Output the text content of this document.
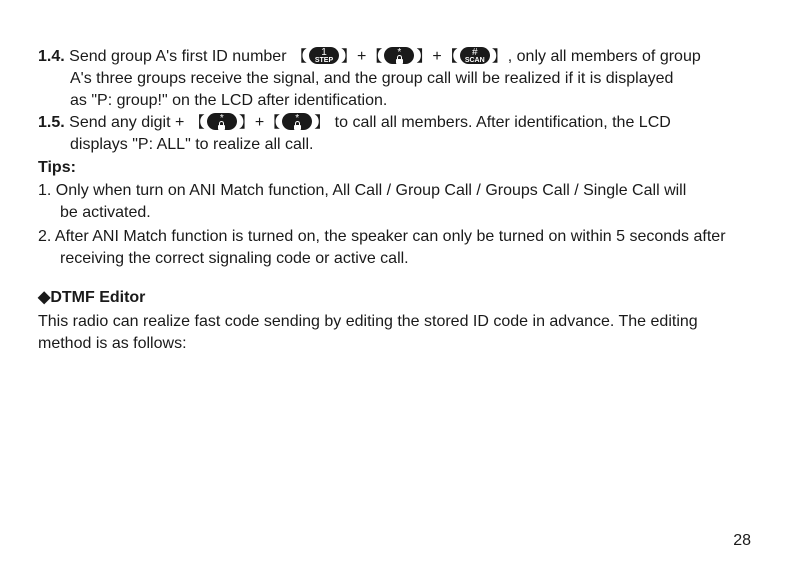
1.4. Send group A's first ID number 【	1
STEP 】+【	*	】+【	#
SCAN 】, only all members of group
A's three groups receive the signal, and the group call will be realized if it is displayed
as "P: group!" on the LCD after identification.
1.5. Send any digit + 【	*	】+【	*	】 to call all members. After identification, the LCD
displays "P: ALL" to realize all call.
Tips:
1. Only when turn on ANI Match function, All Call / Group Call / Groups Call / Single Call will
be activated.
2. After ANI Match function is turned on, the speaker can only be turned on within 5 seconds after
receiving the correct signaling code or active call.
◆DTMF Editor
This radio can realize fast code sending by editing the stored ID code in advance. The editing
method is as follows:
28
